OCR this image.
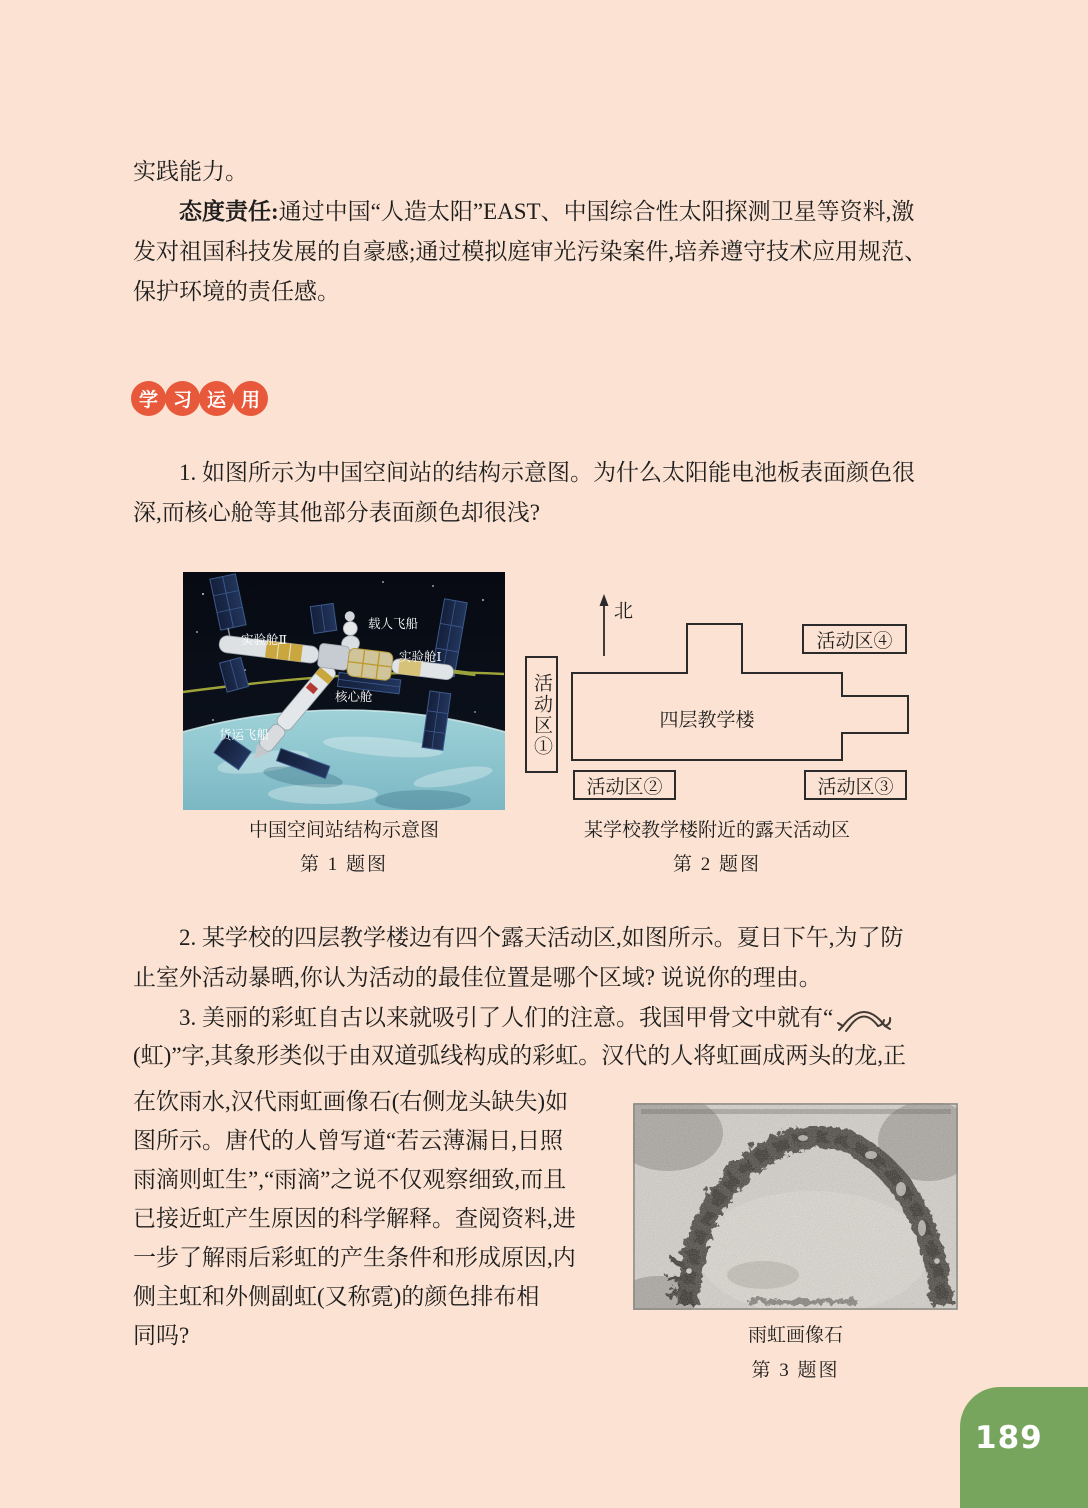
实践能力。
态度责任:通过中国“人造太阳”EAST、中国综合性太阳探测卫星等资料,激
发对祖国科技发展的自豪感;通过模拟庭审光污染案件,培养遵守技术应用规范、
保护环境的责任感。
学 习 运 用
1. 如图所示为中国空间站的结构示意图。为什么太阳能电池板表面颜色很
深,而核心舱等其他部分表面颜色却很浅?
实验舱Ⅱ
载人飞船
实验舱Ⅰ
核心舱
货运飞船
中国空间站结构示意图
第 1 题图
北
四层教学楼
活动区①
活动区④
活动区②	活动区③
某学校教学楼附近的露天活动区
第 2 题图
2. 某学校的四层教学楼边有四个露天活动区,如图所示。夏日下午,为了防
止室外活动暴晒,你认为活动的最佳位置是哪个区域? 说说你的理由。
3. 美丽的彩虹自古以来就吸引了人们的注意。我国甲骨文中就有“
(虹)”字,其象形类似于由双道弧线构成的彩虹。汉代的人将虹画成两头的龙,正
在饮雨水,汉代雨虹画像石(右侧龙头缺失)如
图所示。唐代的人曾写道“若云薄漏日,日照
雨滴则虹生”,“雨滴”之说不仅观察细致,而且
已接近虹产生原因的科学解释。查阅资料,进
一步了解雨后彩虹的产生条件和形成原因,内
侧主虹和外侧副虹(又称霓)的颜色排布相
同吗?	雨虹画像石
第 3 题图
189
